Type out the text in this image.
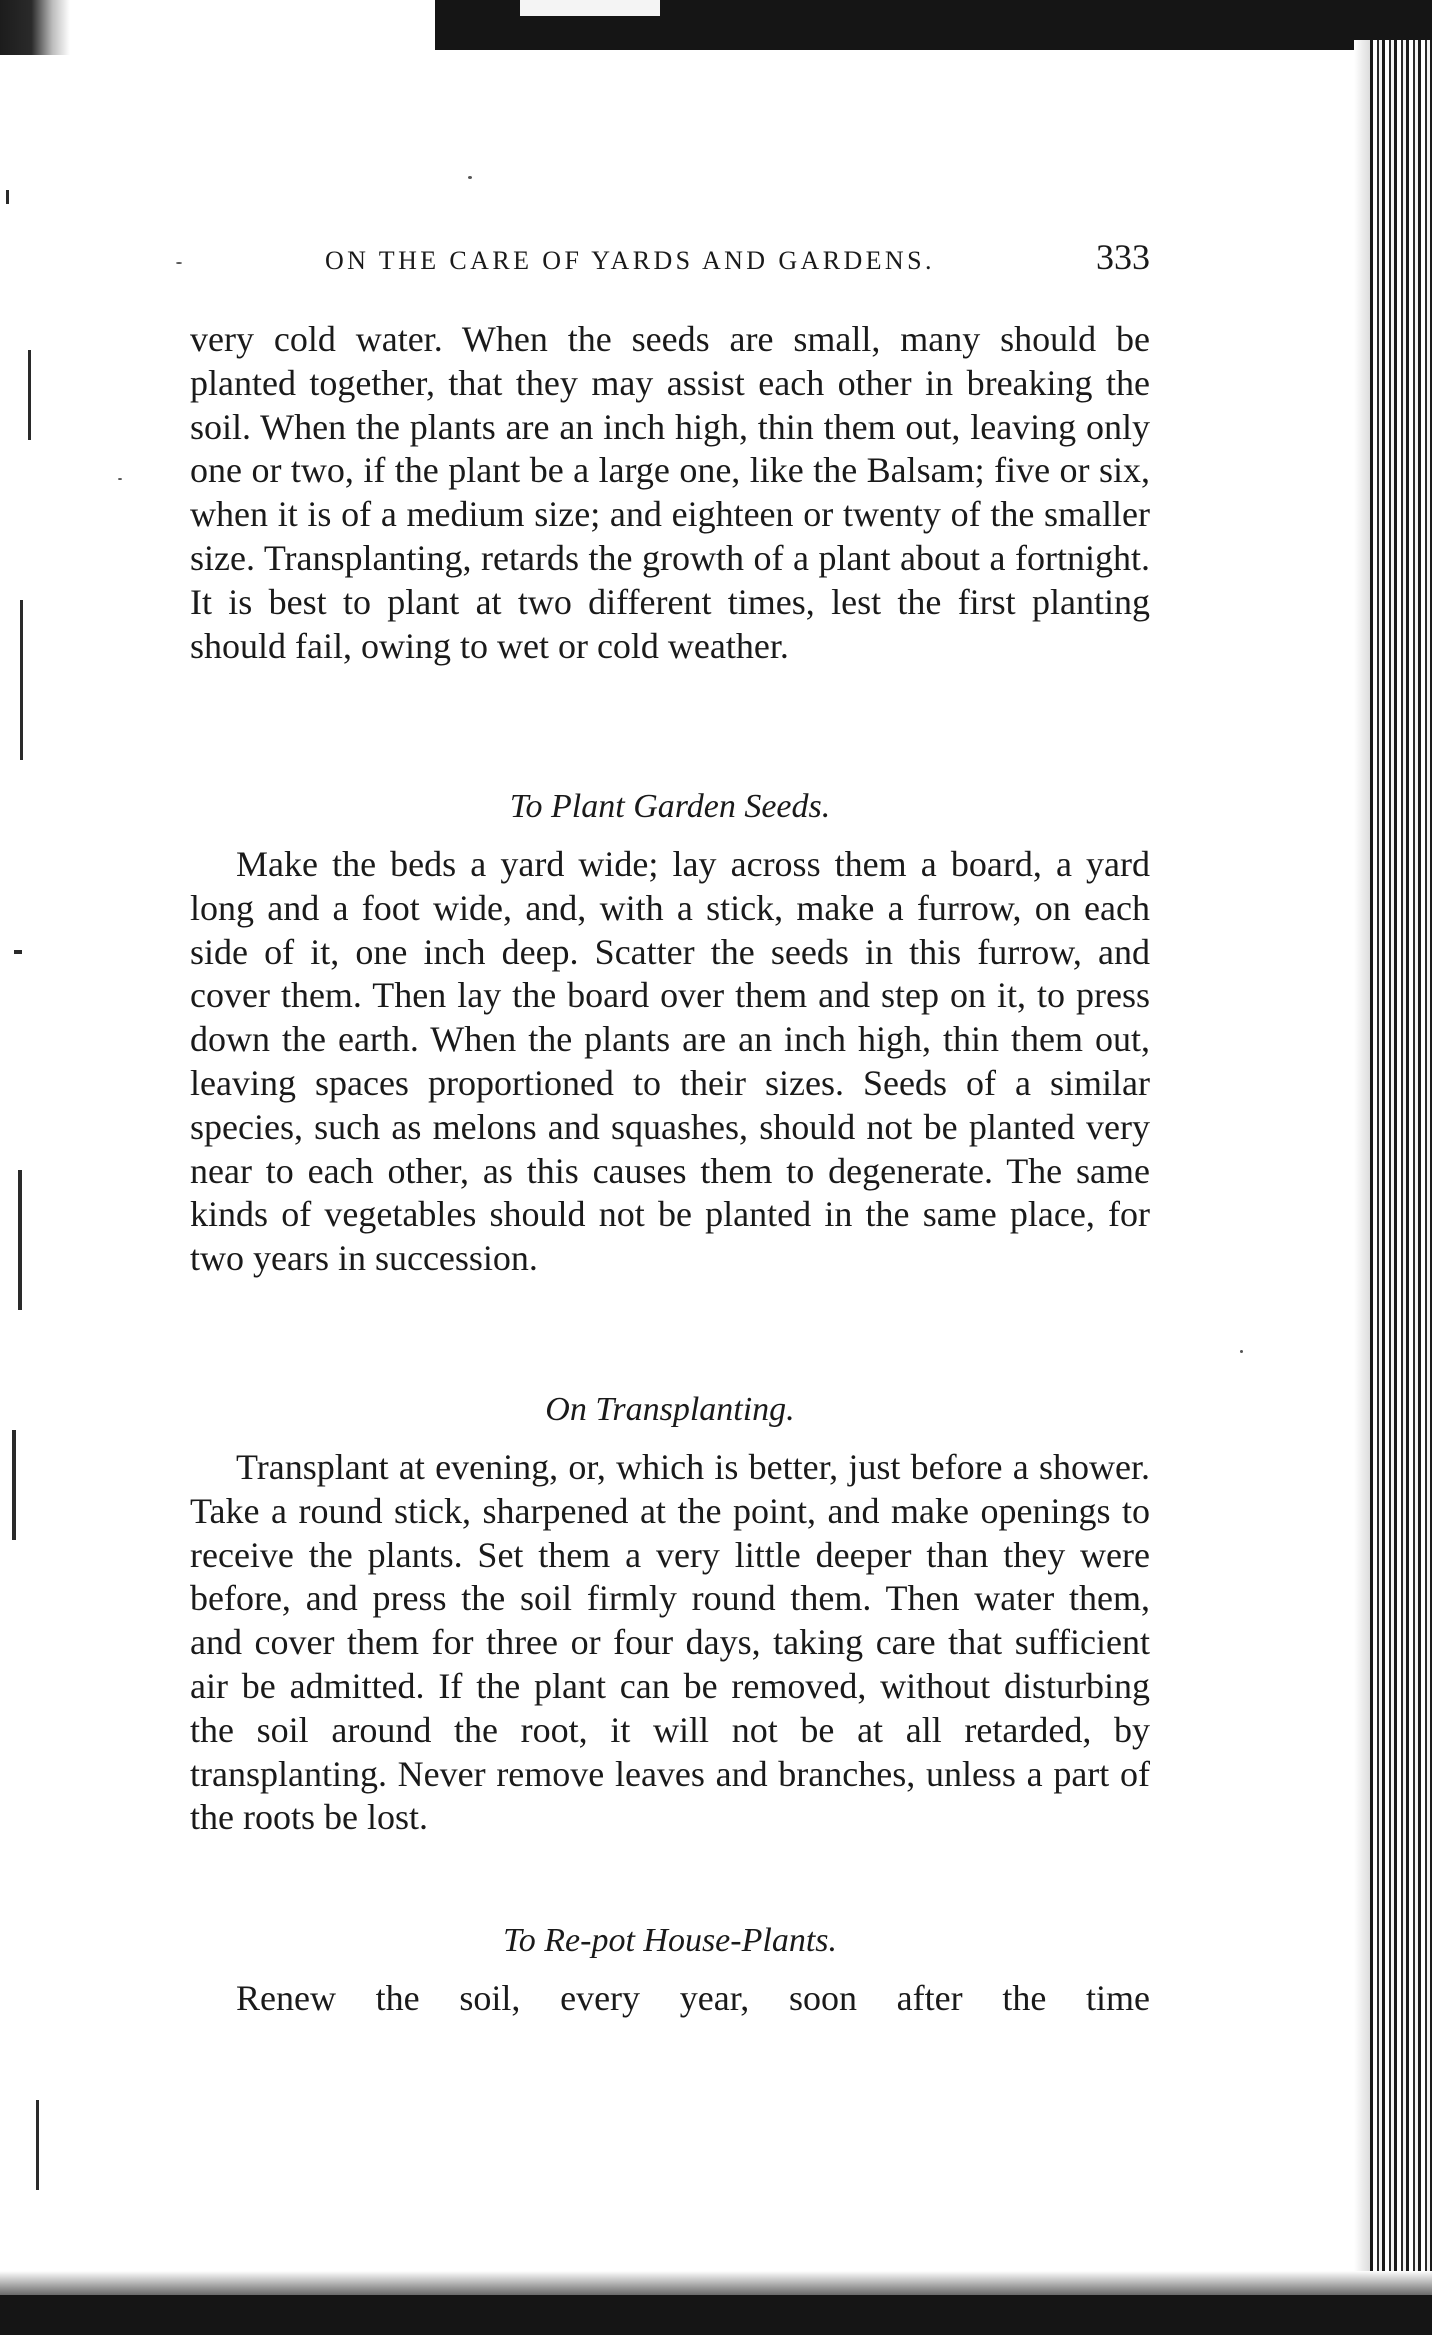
ON THE CARE OF YARDS AND GARDENS.	333

very cold water. When the seeds are small, many should be planted together, that they may assist each other in breaking the soil. When the plants are an inch high, thin them out, leaving only one or two, if the plant be a large one, like the Balsam; five or six, when it is of a medium size; and eighteen or twenty of the smaller size. Transplanting, retards the growth of a plant about a fortnight. It is best to plant at two different times, lest the first planting should fail, owing to wet or cold weather.

To Plant Garden Seeds.

Make the beds a yard wide; lay across them a board, a yard long and a foot wide, and, with a stick, make a furrow, on each side of it, one inch deep. Scatter the seeds in this furrow, and cover them. Then lay the board over them and step on it, to press down the earth. When the plants are an inch high, thin them out, leaving spaces proportioned to their sizes. Seeds of a similar species, such as melons and squashes, should not be planted very near to each other, as this causes them to degenerate. The same kinds of vegetables should not be planted in the same place, for two years in succession.

On Transplanting.

Transplant at evening, or, which is better, just before a shower. Take a round stick, sharpened at the point, and make openings to receive the plants. Set them a very little deeper than they were before, and press the soil firmly round them. Then water them, and cover them for three or four days, taking care that sufficient air be admitted. If the plant can be removed, without disturbing the soil around the root, it will not be at all retarded, by transplanting. Never remove leaves and branches, unless a part of the roots be lost.

To Re-pot House-Plants.

Renew the soil, every year, soon after the time
